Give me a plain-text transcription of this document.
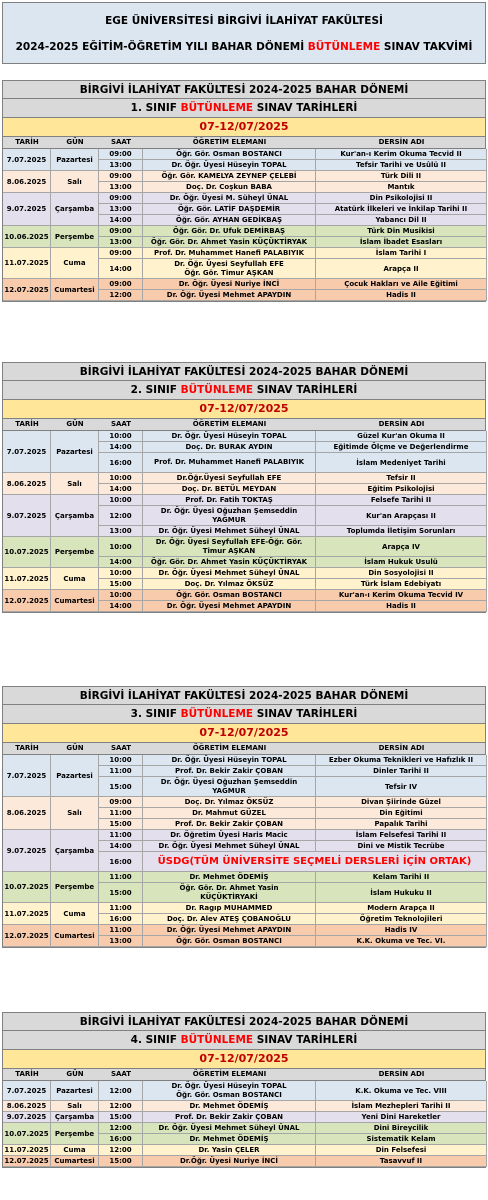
EGE ÜNİVERSİTESİ BİRGİVİ İLAHİYAT FAKÜLTESİ
2024-2025 EĞİTİM-ÖĞRETİM YILI BAHAR DÖNEMİ BÜTÜNLEME SINAV TAKVİMİ
BİRGİVİ İLAHİYAT FAKÜLTESİ 2024-2025 BAHAR DÖNEMİ
1. SINIF BÜTÜNLEME SINAV TARİHLERİ
07-12/07/2025
TARİH	GÜN	SAAT	ÖĞRETİM ELEMANI	DERSİN ADI
7.07.2025	Pazartesi
09:00	Öğr. Gör. Osman BOSTANCI	Kur'an-ı Kerim Okuma Tecvid II
13:00	Dr. Öğr. Üyesi Hüseyin TOPAL	Tefsir Tarihi ve Usûlü II
8.06.2025	Salı
09:00	Öğr. Gör. KAMELYA ZEYNEP ÇELEBİ	Türk Dili II
13:00	Doç. Dr. Coşkun BABA	Mantık
9.07.2025	Çarşamba
09:00	Dr. Öğr. Üyesi M. Süheyl ÜNAL	Din Psikolojisi II
13:00	Öğr. Gör. LATİF DAŞDEMİR	Atatürk İlkeleri ve İnkilap Tarihi II
14:00	Öğr. Gör. AYHAN GEDİKBAŞ	Yabancı Dil II
10.06.2025 Perşembe
09:00	Öğr. Gör. Dr. Ufuk DEMİRBAŞ	Türk Din Musikisi
13:00	Öğr. Gör. Dr. Ahmet Yasin KÜÇÜKTİRYAK	İslam İbadet Esasları
11.07.2025	Cuma
09:00	Prof. Dr. Muhammet Hanefi PALABIYIK	İslam Tarihi I
14:00
Dr. Öğr. Üyesi Seyfullah EFE
Öğr. Gör. Timur AŞKAN	Arapça II
12.07.2025 Cumartesi
09:00	Dr. Öğr. Üyesi Nuriye İNCİ	Çocuk Hakları ve Aile Eğitimi
12:00	Dr. Öğr. Üyesi Mehmet APAYDIN	Hadis II
BİRGİVİ İLAHİYAT FAKÜLTESİ 2024-2025 BAHAR DÖNEMİ
2. SINIF BÜTÜNLEME SINAV TARİHLERİ
07-12/07/2025
TARİH	GÜN	SAAT	ÖĞRETİM ELEMANI	DERSİN ADI
7.07.2025	Pazartesi
10:00	Dr. Öğr. Üyesi Hüseyin TOPAL	Güzel Kur'an Okuma II
14:00	Doç. Dr. BURAK AYDIN	Eğitimde Ölçme ve Değerlendirme
16:00	Prof. Dr. Muhammet Hanefi PALABIYIK	İslam Medeniyet Tarihi
8.06.2025	Salı
10:00	Dr.Öğr.Üyesi Seyfullah EFE	Tefsir II
14:00	Doç. Dr. BETÜL MEYDAN	Eğitim Psikolojisi
9.07.2025	Çarşamba
10:00	Prof. Dr. Fatih TOKTAŞ	Felsefe Tarihi II
12:00
Dr. Öğr. Üyesi Oğuzhan Şemseddin
YAĞMUR	Kur'an Arapçası II
13:00	Dr. Öğr. Üyesi Mehmet Süheyl ÜNAL	Toplumda İletişim Sorunları
10.07.2025 Perşembe
10:00
Dr. Öğr. Üyesi Seyfullah EFE-Öğr. Gör.
Timur AŞKAN	Arapça IV
14:00	Öğr. Gör. Dr. Ahmet Yasin KÜÇÜKTİRYAK	İslam Hukuk Usulü
11.07.2025	Cuma
10:00	Dr. Öğr. Üyesi Mehmet Süheyl ÜNAL	Din Sosyolojisi II
15:00	Doç. Dr. Yılmaz ÖKSÜZ	Türk İslam Edebiyatı
12.07.2025 Cumartesi
10:00	Öğr. Gör. Osman BOSTANCI	Kur'an-ı Kerim Okuma Tecvid IV
14:00	Dr. Öğr. Üyesi Mehmet APAYDIN	Hadis II
BİRGİVİ İLAHİYAT FAKÜLTESİ 2024-2025 BAHAR DÖNEMİ
3. SINIF BÜTÜNLEME SINAV TARİHLERİ
07-12/07/2025
TARİH	GÜN	SAAT	ÖĞRETİM ELEMANI	DERSİN ADI
7.07.2025	Pazartesi
10:00	Dr. Öğr. Üyesi Hüseyin TOPAL	Ezber Okuma Teknikleri ve Hafızlık II
11:00	Prof. Dr. Bekir Zakir ÇOBAN	Dinler Tarihi II
15:00
Dr. Öğr. Üyesi Oğuzhan Şemseddin
YAĞMUR	Tefsir IV
8.06.2025	Salı
09:00	Doç. Dr. Yılmaz ÖKSÜZ	Divan Şiirinde Güzel
11:00	Dr. Mahmut GÜZEL	Din Eğitimi
15:00	Prof. Dr. Bekir Zakir ÇOBAN	Papalık Tarihi
9.07.2025	Çarşamba
11:00	Dr. Öğretim Üyesi Haris Macic	İslam Felsefesi Tarihi II
14:00	Dr. Öğr. Üyesi Mehmet Süheyl ÜNAL	Dini ve Mistik Tecrübe
16:00	ÜSDG(TÜM ÜNİVERSİTE SEÇMELİ DERSLERİ İÇİN ORTAK)
10.07.2025 Perşembe
11:00	Dr. Mehmet ÖDEMİŞ	Kelam Tarihi II
15:00
Öğr. Gör. Dr. Ahmet Yasin
KÜÇÜKTİRYAKİ	İslam Hukuku II
11.07.2025	Cuma
11:00	Dr. Ragıp MUHAMMED	Modern Arapça II
16:00	Doç. Dr. Alev ATEŞ ÇOBANOĞLU	Öğretim Teknolojileri
12.07.2025 Cumartesi
11:00	Dr. Öğr. Üyesi Mehmet APAYDIN	Hadis IV
13:00	Öğr. Gör. Osman BOSTANCI	K.K. Okuma ve Tec. VI.
BİRGİVİ İLAHİYAT FAKÜLTESİ 2024-2025 BAHAR DÖNEMİ
4. SINIF BÜTÜNLEME SINAV TARİHLERİ
07-12/07/2025
TARİH	GÜN	SAAT	ÖĞRETİM ELEMANI	DERSİN ADI
7.07.2025	Pazartesi	12:00
Dr. Öğr. Üyesi Hüseyin TOPAL
Öğr. Gör. Osman BOSTANCI	K.K. Okuma ve Tec. VIII
8.06.2025	Salı	12:00	Dr. Mehmet ÖDEMİŞ	İslam Mezhepleri Tarihi II
9.07.2025	Çarşamba	15:00	Prof. Dr. Bekir Zakir ÇOBAN	Yeni Dini Hareketler
10.07.2025 Perşembe
12:00	Dr. Öğr. Üyesi Mehmet Süheyl ÜNAL	Dini Bireycilik
16:00	Dr. Mehmet ÖDEMİŞ	Sistematik Kelam
11.07.2025	Cuma	12:00	Dr. Yasin ÇELER	Din Felsefesi
12.07.2025 Cumartesi	15:00	Dr.Öğr. Üyesi Nuriye İNCİ	Tasavvuf II
